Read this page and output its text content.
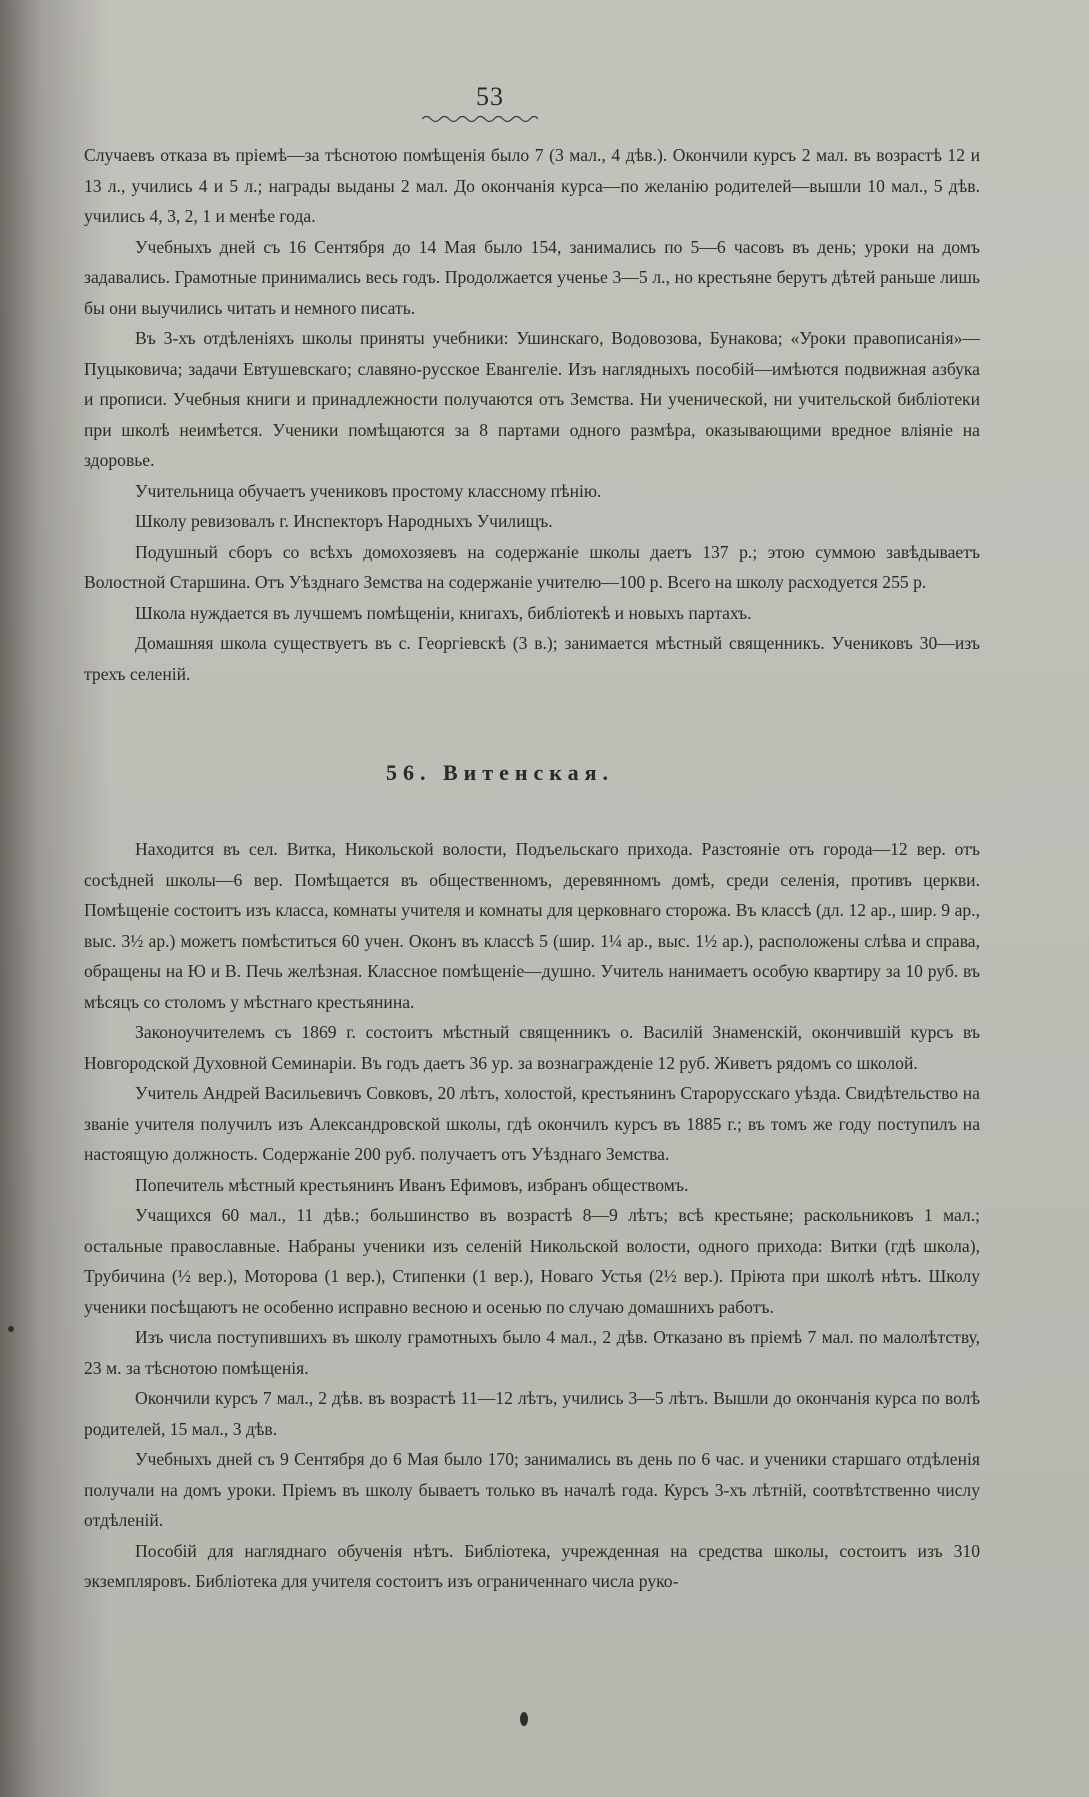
53

Случаевъ отказа въ пріемѣ—за тѣснотою помѣщенія было 7 (3 мал., 4 дѣв.). Окончили курсъ 2 мал. въ возрастѣ 12 и 13 л., учились 4 и 5 л.; награды выданы 2 мал. До окончанія курса—по желанію родителей—вышли 10 мал., 5 дѣв. учились 4, 3, 2, 1 и менѣе года.

Учебныхъ дней съ 16 Сентября до 14 Мая было 154, занимались по 5—6 часовъ въ день; уроки на домъ задавались. Грамотные принимались весь годъ. Продолжается ученье 3—5 л., но крестьяне берутъ дѣтей раньше лишь бы они выучились читать и немного писать.

Въ 3-хъ отдѣленіяхъ школы приняты учебники: Ушинскаго, Водовозова, Бунакова; «Уроки правописанія»—Пуцыковича; задачи Евтушевскаго; славяно-русское Евангеліе. Изъ наглядныхъ пособій—имѣются подвижная азбука и прописи. Учебныя книги и принадлежности получаются отъ Земства. Ни ученической, ни учительской библіотеки при школѣ неимѣется. Ученики помѣщаются за 8 партами одного размѣра, оказывающими вредное вліяніе на здоровье.

Учительница обучаетъ учениковъ простому классному пѣнію.

Школу ревизовалъ г. Инспекторъ Народныхъ Училищъ.

Подушный сборъ со всѣхъ домохозяевъ на содержаніе школы даетъ 137 р.; этою суммою завѣдываетъ Волостной Старшина. Отъ Уѣзднаго Земства на содержаніе учителю—100 р. Всего на школу расходуется 255 р.

Школа нуждается въ лучшемъ помѣщеніи, книгахъ, библіотекѣ и новыхъ партахъ.

Домашняя школа существуетъ въ с. Георгіевскѣ (3 в.); занимается мѣстный священникъ. Учениковъ 30—изъ трехъ селеній.

56. Витенская.

Находится въ сел. Витка, Никольской волости, Подъельскаго прихода. Разстояніе отъ города—12 вер. отъ сосѣдней школы—6 вер. Помѣщается въ общественномъ, деревянномъ домѣ, среди селенія, противъ церкви. Помѣщеніе состоитъ изъ класса, комнаты учителя и комнаты для церковнаго сторожа. Въ классѣ (дл. 12 ар., шир. 9 ар., выс. 3½ ар.) можетъ помѣститься 60 учен. Оконъ въ классѣ 5 (шир. 1¼ ар., выс. 1½ ар.), расположены слѣва и справа, обращены на Ю и В. Печь желѣзная. Классное помѣщеніе—душно. Учитель нанимаетъ особую квартиру за 10 руб. въ мѣсяцъ со столомъ у мѣстнаго крестьянина.

Законоучителемъ съ 1869 г. состоитъ мѣстный священникъ о. Василій Знаменскій, окончившій курсъ въ Новгородской Духовной Семинаріи. Въ годъ даетъ 36 ур. за вознагражденіе 12 руб. Живетъ рядомъ со школой.

Учитель Андрей Васильевичъ Совковъ, 20 лѣтъ, холостой, крестьянинъ Старорусскаго уѣзда. Свидѣтельство на званіе учителя получилъ изъ Александровской школы, гдѣ окончилъ курсъ въ 1885 г.; въ томъ же году поступилъ на настоящую должность. Содержаніе 200 руб. получаетъ отъ Уѣзднаго Земства.

Попечитель мѣстный крестьянинъ Иванъ Ефимовъ, избранъ обществомъ.

Учащихся 60 мал., 11 дѣв.; большинство въ возрастѣ 8—9 лѣтъ; всѣ крестьяне; раскольниковъ 1 мал.; остальные православные. Набраны ученики изъ селеній Никольской волости, одного прихода: Витки (гдѣ школа), Трубичина (½ вер.), Моторова (1 вер.), Стипенки (1 вер.), Новаго Устья (2½ вер.). Пріюта при школѣ нѣтъ. Школу ученики посѣщаютъ не особенно исправно весною и осенью по случаю домашнихъ работъ.

Изъ числа поступившихъ въ школу грамотныхъ было 4 мал., 2 дѣв. Отказано въ пріемѣ 7 мал. по малолѣтству, 23 м. за тѣснотою помѣщенія.

Окончили курсъ 7 мал., 2 дѣв. въ возрастѣ 11—12 лѣтъ, учились 3—5 лѣтъ. Вышли до окончанія курса по волѣ родителей, 15 мал., 3 дѣв.

Учебныхъ дней съ 9 Сентября до 6 Мая было 170; занимались въ день по 6 час. и ученики старшаго отдѣленія получали на домъ уроки. Пріемъ въ школу бываетъ только въ началѣ года. Курсъ 3-хъ лѣтній, соотвѣтственно числу отдѣленій.

Пособій для нагляднаго обученія нѣтъ. Библіотека, учрежденная на средства школы, состоитъ изъ 310 экземпляровъ. Библіотека для учителя состоитъ изъ ограниченнаго числа руко-
